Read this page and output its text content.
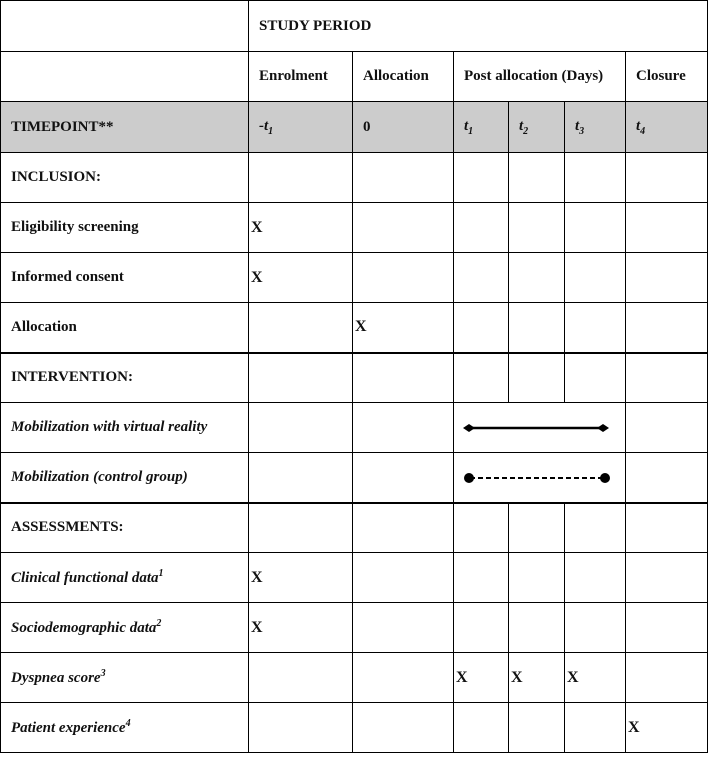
	STUDY PERIOD					
	Enrolment	Allocation	Post allocation (Days)			Closure
TIMEPOINT**	$-t_1$	0	$t_1$	$t_2$	$t_3$	$t_4$
INCLUSION:						
Eligibility screening	X					
Informed consent	X					
Allocation		X				
INTERVENTION:						
Mobilization with virtual reality			

Mobilization (control group)			

ASSESSMENTS:						
Clinical functional data$^1$	X					
Sociodemographic data$^2$	X					
Dyspnea score$^3$			X	X	X	
Patient experience$^4$						X
